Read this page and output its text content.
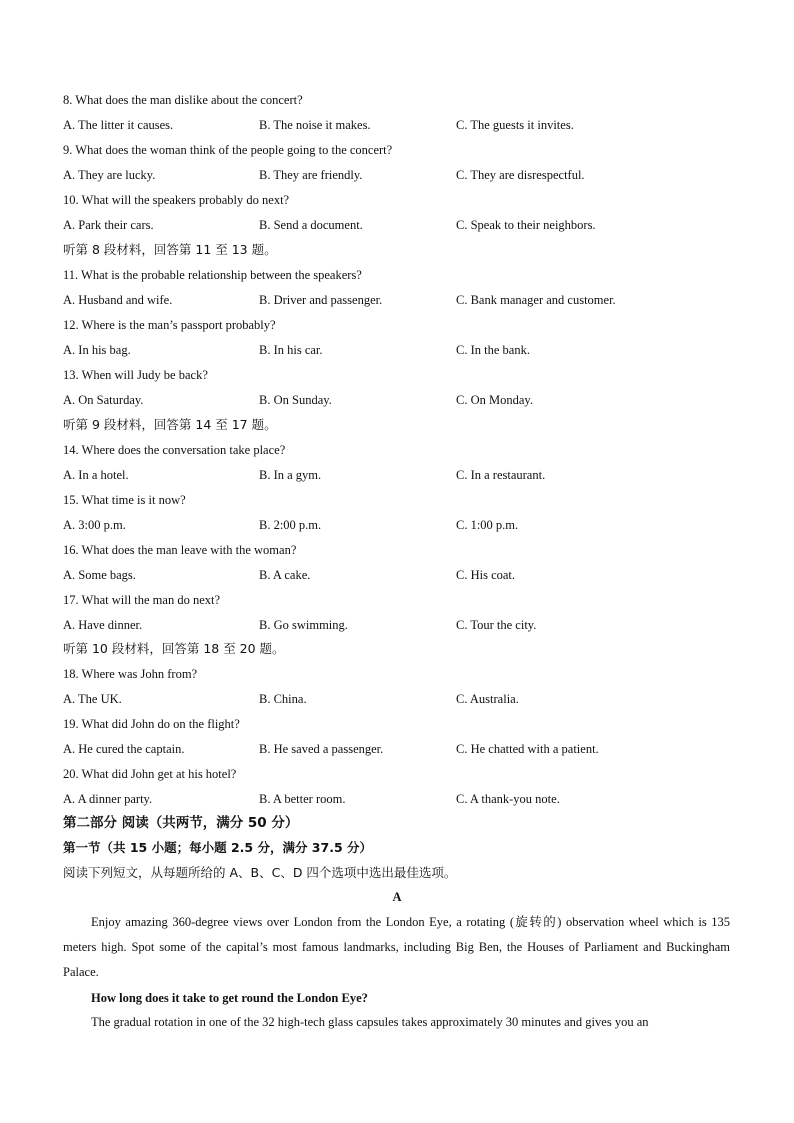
8. What does the man dislike about the concert?
A. The litter it causes.	B. The noise it makes.	C. The guests it invites.
9. What does the woman think of the people going to the concert?
A. They are lucky.	B. They are friendly.	C. They are disrespectful.
10. What will the speakers probably do next?
A. Park their cars.	B. Send a document.	C. Speak to their neighbors.
听第 8 段材料，回答第 11 至 13 题。
11. What is the probable relationship between the speakers?
A. Husband and wife.	B. Driver and passenger.	C. Bank manager and customer.
12. Where is the man’s passport probably?
A. In his bag.	B. In his car.	C. In the bank.
13. When will Judy be back?
A. On Saturday.	B. On Sunday.	C. On Monday.
听第 9 段材料，回答第 14 至 17 题。
14. Where does the conversation take place?
A. In a hotel.	B. In a gym.	C. In a restaurant.
15. What time is it now?
A. 3:00 p.m.	B. 2:00 p.m.	C. 1:00 p.m.
16. What does the man leave with the woman?
A. Some bags.	B. A cake.	C. His coat.
17. What will the man do next?
A. Have dinner.	B. Go swimming.	C. Tour the city.
听第 10 段材料，回答第 18 至 20 题。
18. Where was John from?
A. The UK.	B. China.	C. Australia.
19. What did John do on the flight?
A. He cured the captain.	B. He saved a passenger.	C. He chatted with a patient.
20. What did John get at his hotel?
A. A dinner party.	B. A better room.	C. A thank-you note.
第二部分 阅读（共两节，满分 50 分）
第一节（共 15 小题；每小题 2.5 分，满分 37.5 分）
阅读下列短文，从每题所给的 A、B、C、D 四个选项中选出最佳选项。
A
Enjoy amazing 360-degree views over London from the London Eye, a rotating (旋转的) observation wheel which is 135 meters high. Spot some of the capital’s most famous landmarks, including Big Ben, the Houses of Parliament and Buckingham Palace.
How long does it take to get round the London Eye?
The gradual rotation in one of the 32 high-tech glass capsules takes approximately 30 minutes and gives you an
